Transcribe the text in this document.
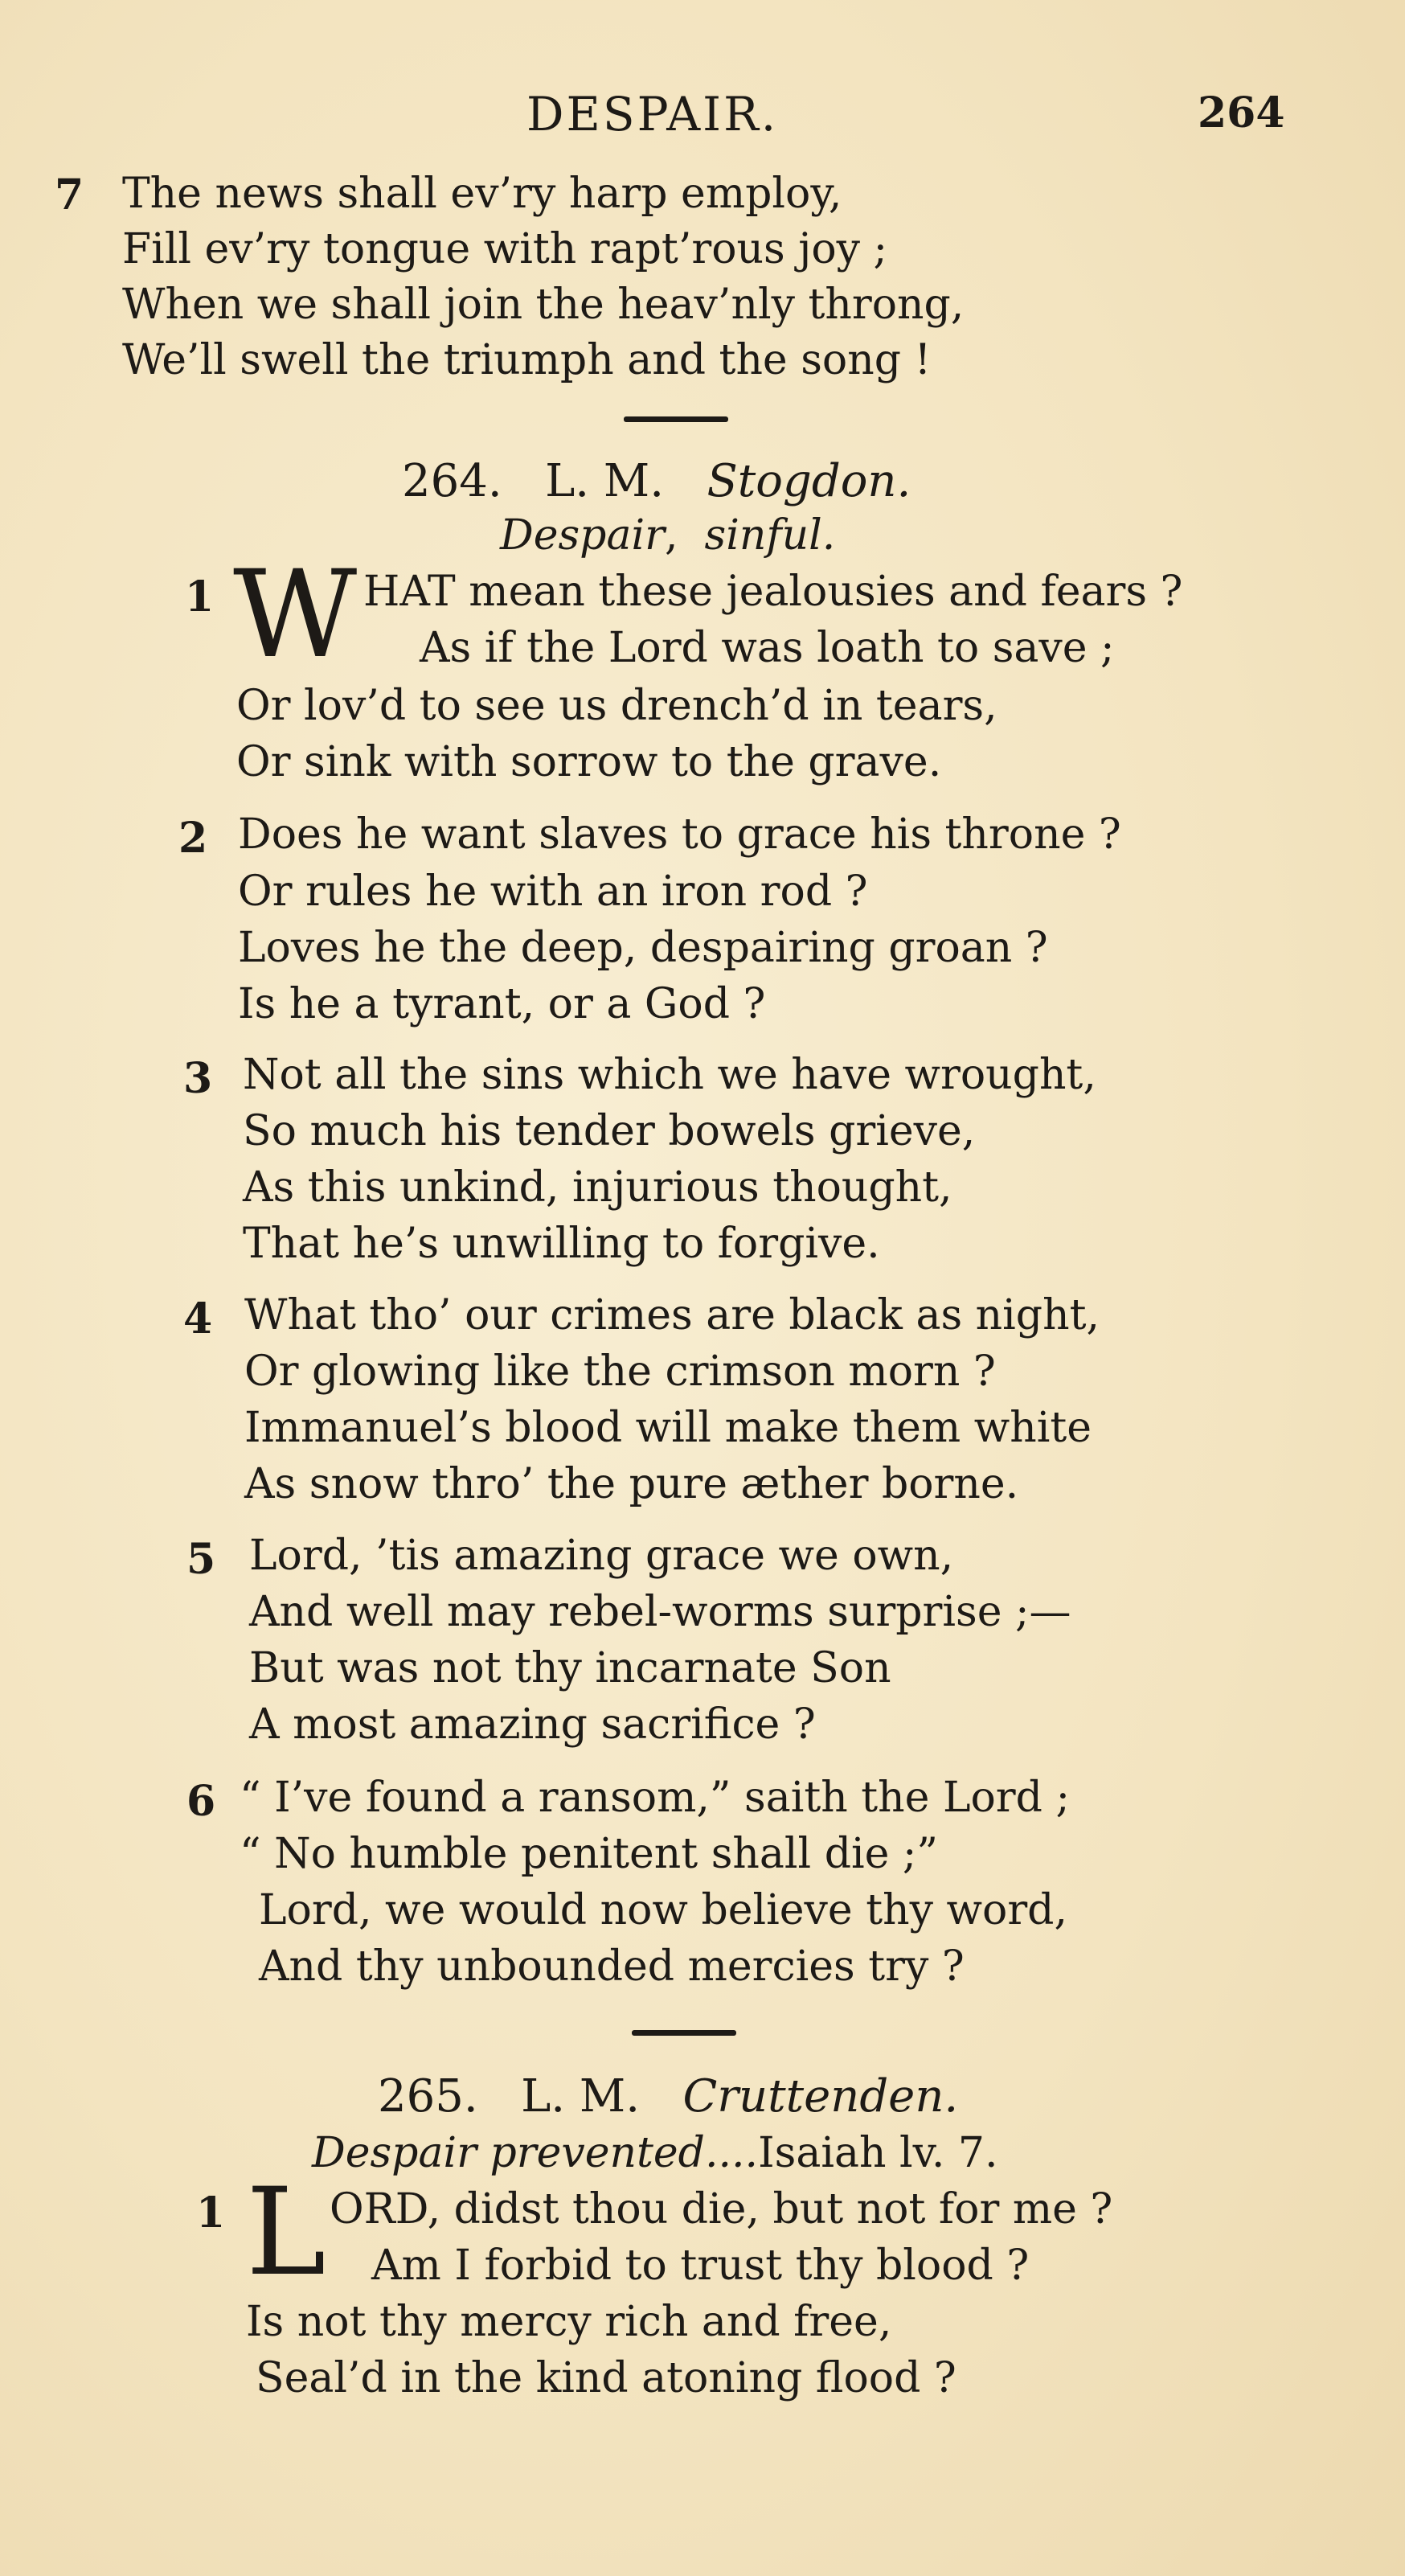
DESPAIR.	264
7 The news shall ev’ry harp employ,
Fill ev’ry tongue with rapt’rous joy ;
When we shall join the heav’nly throng,
We’ll swell the triumph and the song !
264. L. M. Stogdon.
Despair, sinful.
1 W HAT mean these jealousies and fears ?
As if the Lord was loath to save ;
Or lov’d to see us drench’d in tears,
Or sink with sorrow to the grave.
2 Does he want slaves to grace his throne ?
Or rules he with an iron rod ?
Loves he the deep, despairing groan ?
Is he a tyrant, or a God ?
3 Not all the sins which we have wrought,
So much his tender bowels grieve,
As this unkind, injurious thought,
That he’s unwilling to forgive.
4 What tho’ our crimes are black as night,
Or glowing like the crimson morn ?
Immanuel’s blood will make them white
As snow thro’ the pure æther borne.
5 Lord, ’tis amazing grace we own,
And well may rebel-worms surprise ;—
But was not thy incarnate Son
A most amazing sacrifice ?
6 “ I’ve found a ransom,” saith the Lord ;
“ No humble penitent shall die ;”
Lord, we would now believe thy word,
And thy unbounded mercies try ?
265. L. M. Cruttenden.
Despair prevented....Isaiah lv. 7.
1 L ORD, didst thou die, but not for me ?
Am I forbid to trust thy blood ?
Is not thy mercy rich and free,
Seal’d in the kind atoning flood ?
